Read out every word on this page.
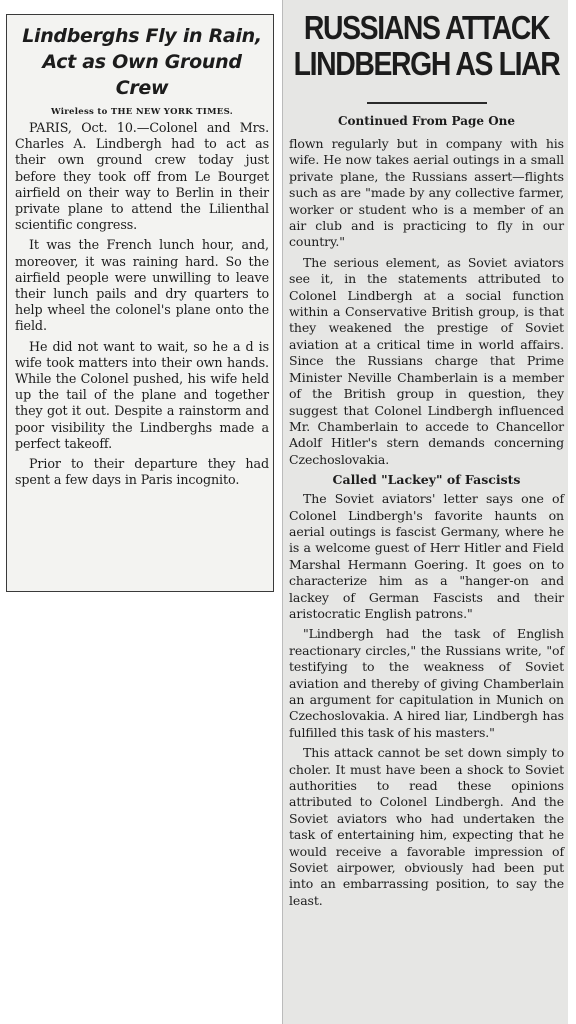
Lindberghs Fly in Rain,
Act as Own Ground Crew
Wireless to THE NEW YORK TIMES.

PARIS, Oct. 10.—Colonel and Mrs. Charles A. Lindbergh had to act as their own ground crew today just before they took off from Le Bourget airfield on their way to Berlin in their private plane to attend the Lilienthal scientific congress.

It was the French lunch hour, and, moreover, it was raining hard. So the airfield people were unwilling to leave their lunch pails and dry quarters to help wheel the colonel's plane onto the field.

He did not want to wait, so he a d is wife took matters into their own hands. While the Colonel pushed, his wife held up the tail of the plane and together they got it out. Despite a rainstorm and poor visibility the Lindberghs made a perfect takeoff.

Prior to their departure they had spent a few days in Paris incognito.

RUSSIANS ATTACK
LINDBERGH AS LIAR
Continued From Page One

flown regularly but in company with his wife. He now takes aerial outings in a small private plane, the Russians assert—flights such as are "made by any collective farmer, worker or student who is a member of an air club and is practicing to fly in our country."

The serious element, as Soviet aviators see it, in the statements attributed to Colonel Lindbergh at a social function within a Conservative British group, is that they weakened the prestige of Soviet aviation at a critical time in world affairs. Since the Russians charge that Prime Minister Neville Chamberlain is a member of the British group in question, they suggest that Colonel Lindbergh influenced Mr. Chamberlain to accede to Chancellor Adolf Hitler's stern demands concerning Czechoslovakia.

Called "Lackey" of Fascists

The Soviet aviators' letter says one of Colonel Lindbergh's favorite haunts on aerial outings is fascist Germany, where he is a welcome guest of Herr Hitler and Field Marshal Hermann Goering. It goes on to characterize him as a "hanger-on and lackey of German Fascists and their aristocratic English patrons."

"Lindbergh had the task of English reactionary circles," the Russians write, "of testifying to the weakness of Soviet aviation and thereby of giving Chamberlain an argument for capitulation in Munich on Czechoslovakia. A hired liar, Lindbergh has fulfilled this task of his masters."

This attack cannot be set down simply to choler. It must have been a shock to Soviet authorities to read these opinions attributed to Colonel Lindbergh. And the Soviet aviators who had undertaken the task of entertaining him, expecting that he would receive a favorable impression of Soviet airpower, obviously had been put into an embarrassing position, to say the least.
